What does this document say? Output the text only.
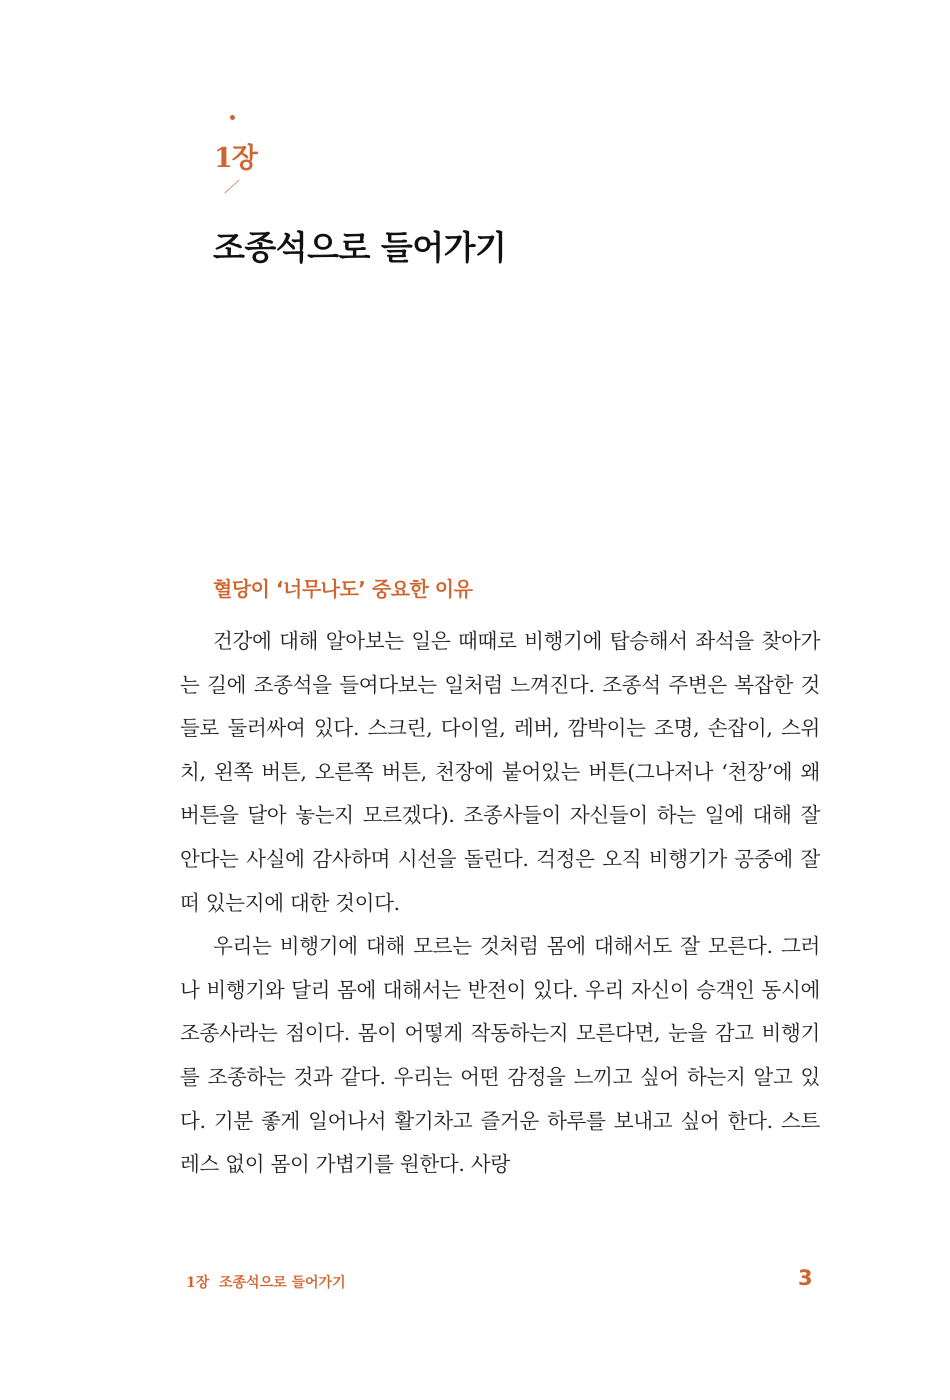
1장
조종석으로 들어가기
혈당이 ‘너무나도’ 중요한 이유

건강에 대해 알아보는 일은 때때로 비행기에 탑승해서 좌석을 찾아가는 길에 조종석을 들여다보는 일처럼 느껴진다. 조종석 주변은 복잡한 것들로 둘러싸여 있다. 스크린, 다이얼, 레버, 깜박이는 조명, 손잡이, 스위치, 왼쪽 버튼, 오른쪽 버튼, 천장에 붙어있는 버튼(그나저나 ‘천장’에 왜 버튼을 달아 놓는지 모르겠다). 조종사들이 자신들이 하는 일에 대해 잘 안다는 사실에 감사하며 시선을 돌린다. 걱정은 오직 비행기가 공중에 잘 떠 있는지에 대한 것이다.

우리는 비행기에 대해 모르는 것처럼 몸에 대해서도 잘 모른다. 그러나 비행기와 달리 몸에 대해서는 반전이 있다. 우리 자신이 승객인 동시에 조종사라는 점이다. 몸이 어떻게 작동하는지 모른다면, 눈을 감고 비행기를 조종하는 것과 같다. 우리는 어떤 감정을 느끼고 싶어 하는지 알고 있다. 기분 좋게 일어나서 활기차고 즐거운 하루를 보내고 싶어 한다. 스트레스 없이 몸이 가볍기를 원한다. 사랑

1장  조종석으로 들어가기	3
